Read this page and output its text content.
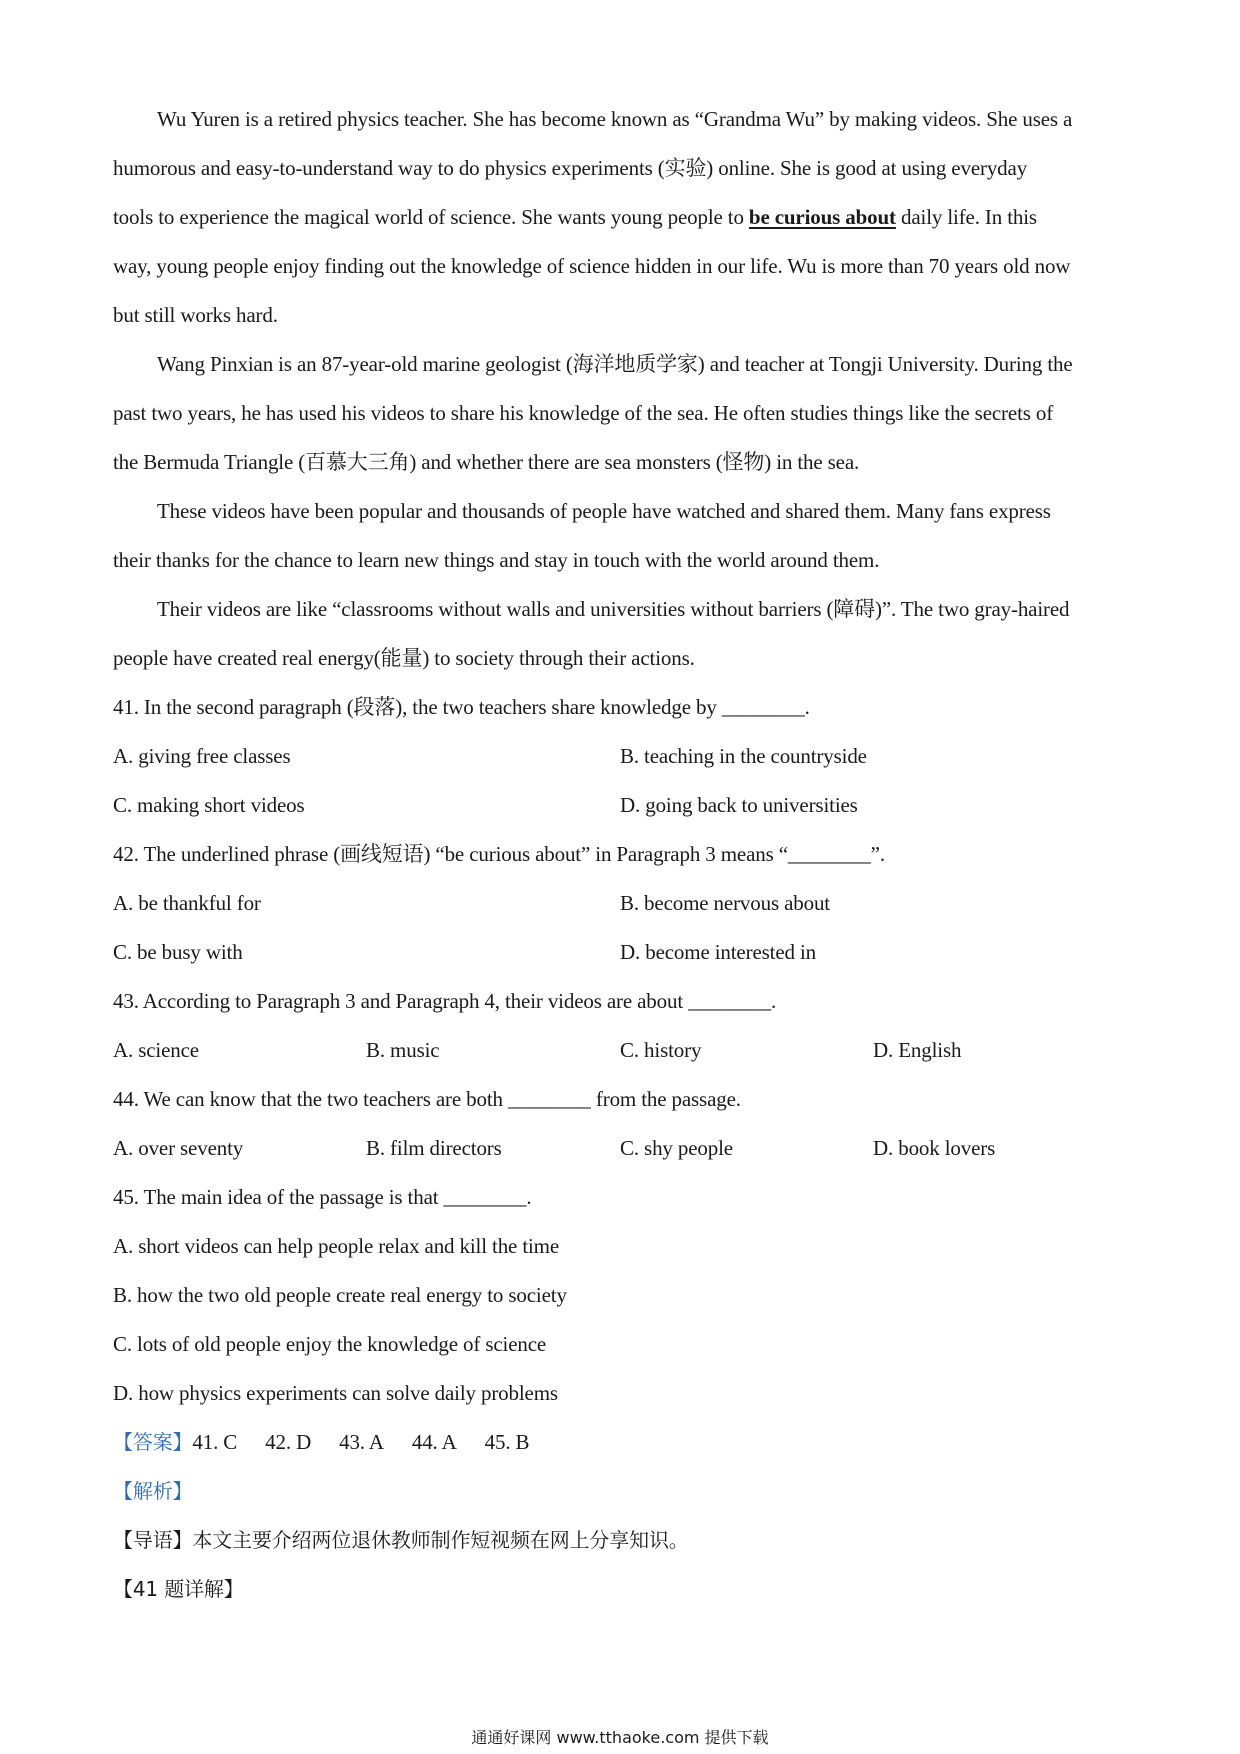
Wu Yuren is a retired physics teacher. She has become known as “Grandma Wu” by making videos. She uses a
humorous and easy-to-understand way to do physics experiments (实验) online. She is good at using everyday
tools to experience the magical world of science. She wants young people to be curious about daily life. In this
way, young people enjoy finding out the knowledge of science hidden in our life. Wu is more than 70 years old now
but still works hard.
Wang Pinxian is an 87-year-old marine geologist (海洋地质学家) and teacher at Tongji University. During the
past two years, he has used his videos to share his knowledge of the sea. He often studies things like the secrets of
the Bermuda Triangle (百慕大三角) and whether there are sea monsters (怪物) in the sea.
These videos have been popular and thousands of people have watched and shared them. Many fans express
their thanks for the chance to learn new things and stay in touch with the world around them.
Their videos are like “classrooms without walls and universities without barriers (障碍)”. The two gray-haired
people have created real energy(能量) to society through their actions.
41. In the second paragraph (段落), the two teachers share knowledge by ________.
A. giving free classes	B. teaching in the countryside
C. making short videos	D. going back to universities
42. The underlined phrase (画线短语) “be curious about” in Paragraph 3 means “________”.
A. be thankful for	B. become nervous about
C. be busy with	D. become interested in
43. According to Paragraph 3 and Paragraph 4, their videos are about ________.
A. science	B. music	C. history	D. English
44. We can know that the two teachers are both ________ from the passage.
A. over seventy	B. film directors	C. shy people	D. book lovers
45. The main idea of the passage is that ________.
A. short videos can help people relax and kill the time
B. how the two old people create real energy to society
C. lots of old people enjoy the knowledge of science
D. how physics experiments can solve daily problems
【答案】41. C 42. D 43. A 44. A 45. B
【解析】
【导语】本文主要介绍两位退休教师制作短视频在网上分享知识。
【41 题详解】
通通好课网 www.tthaoke.com 提供下载
